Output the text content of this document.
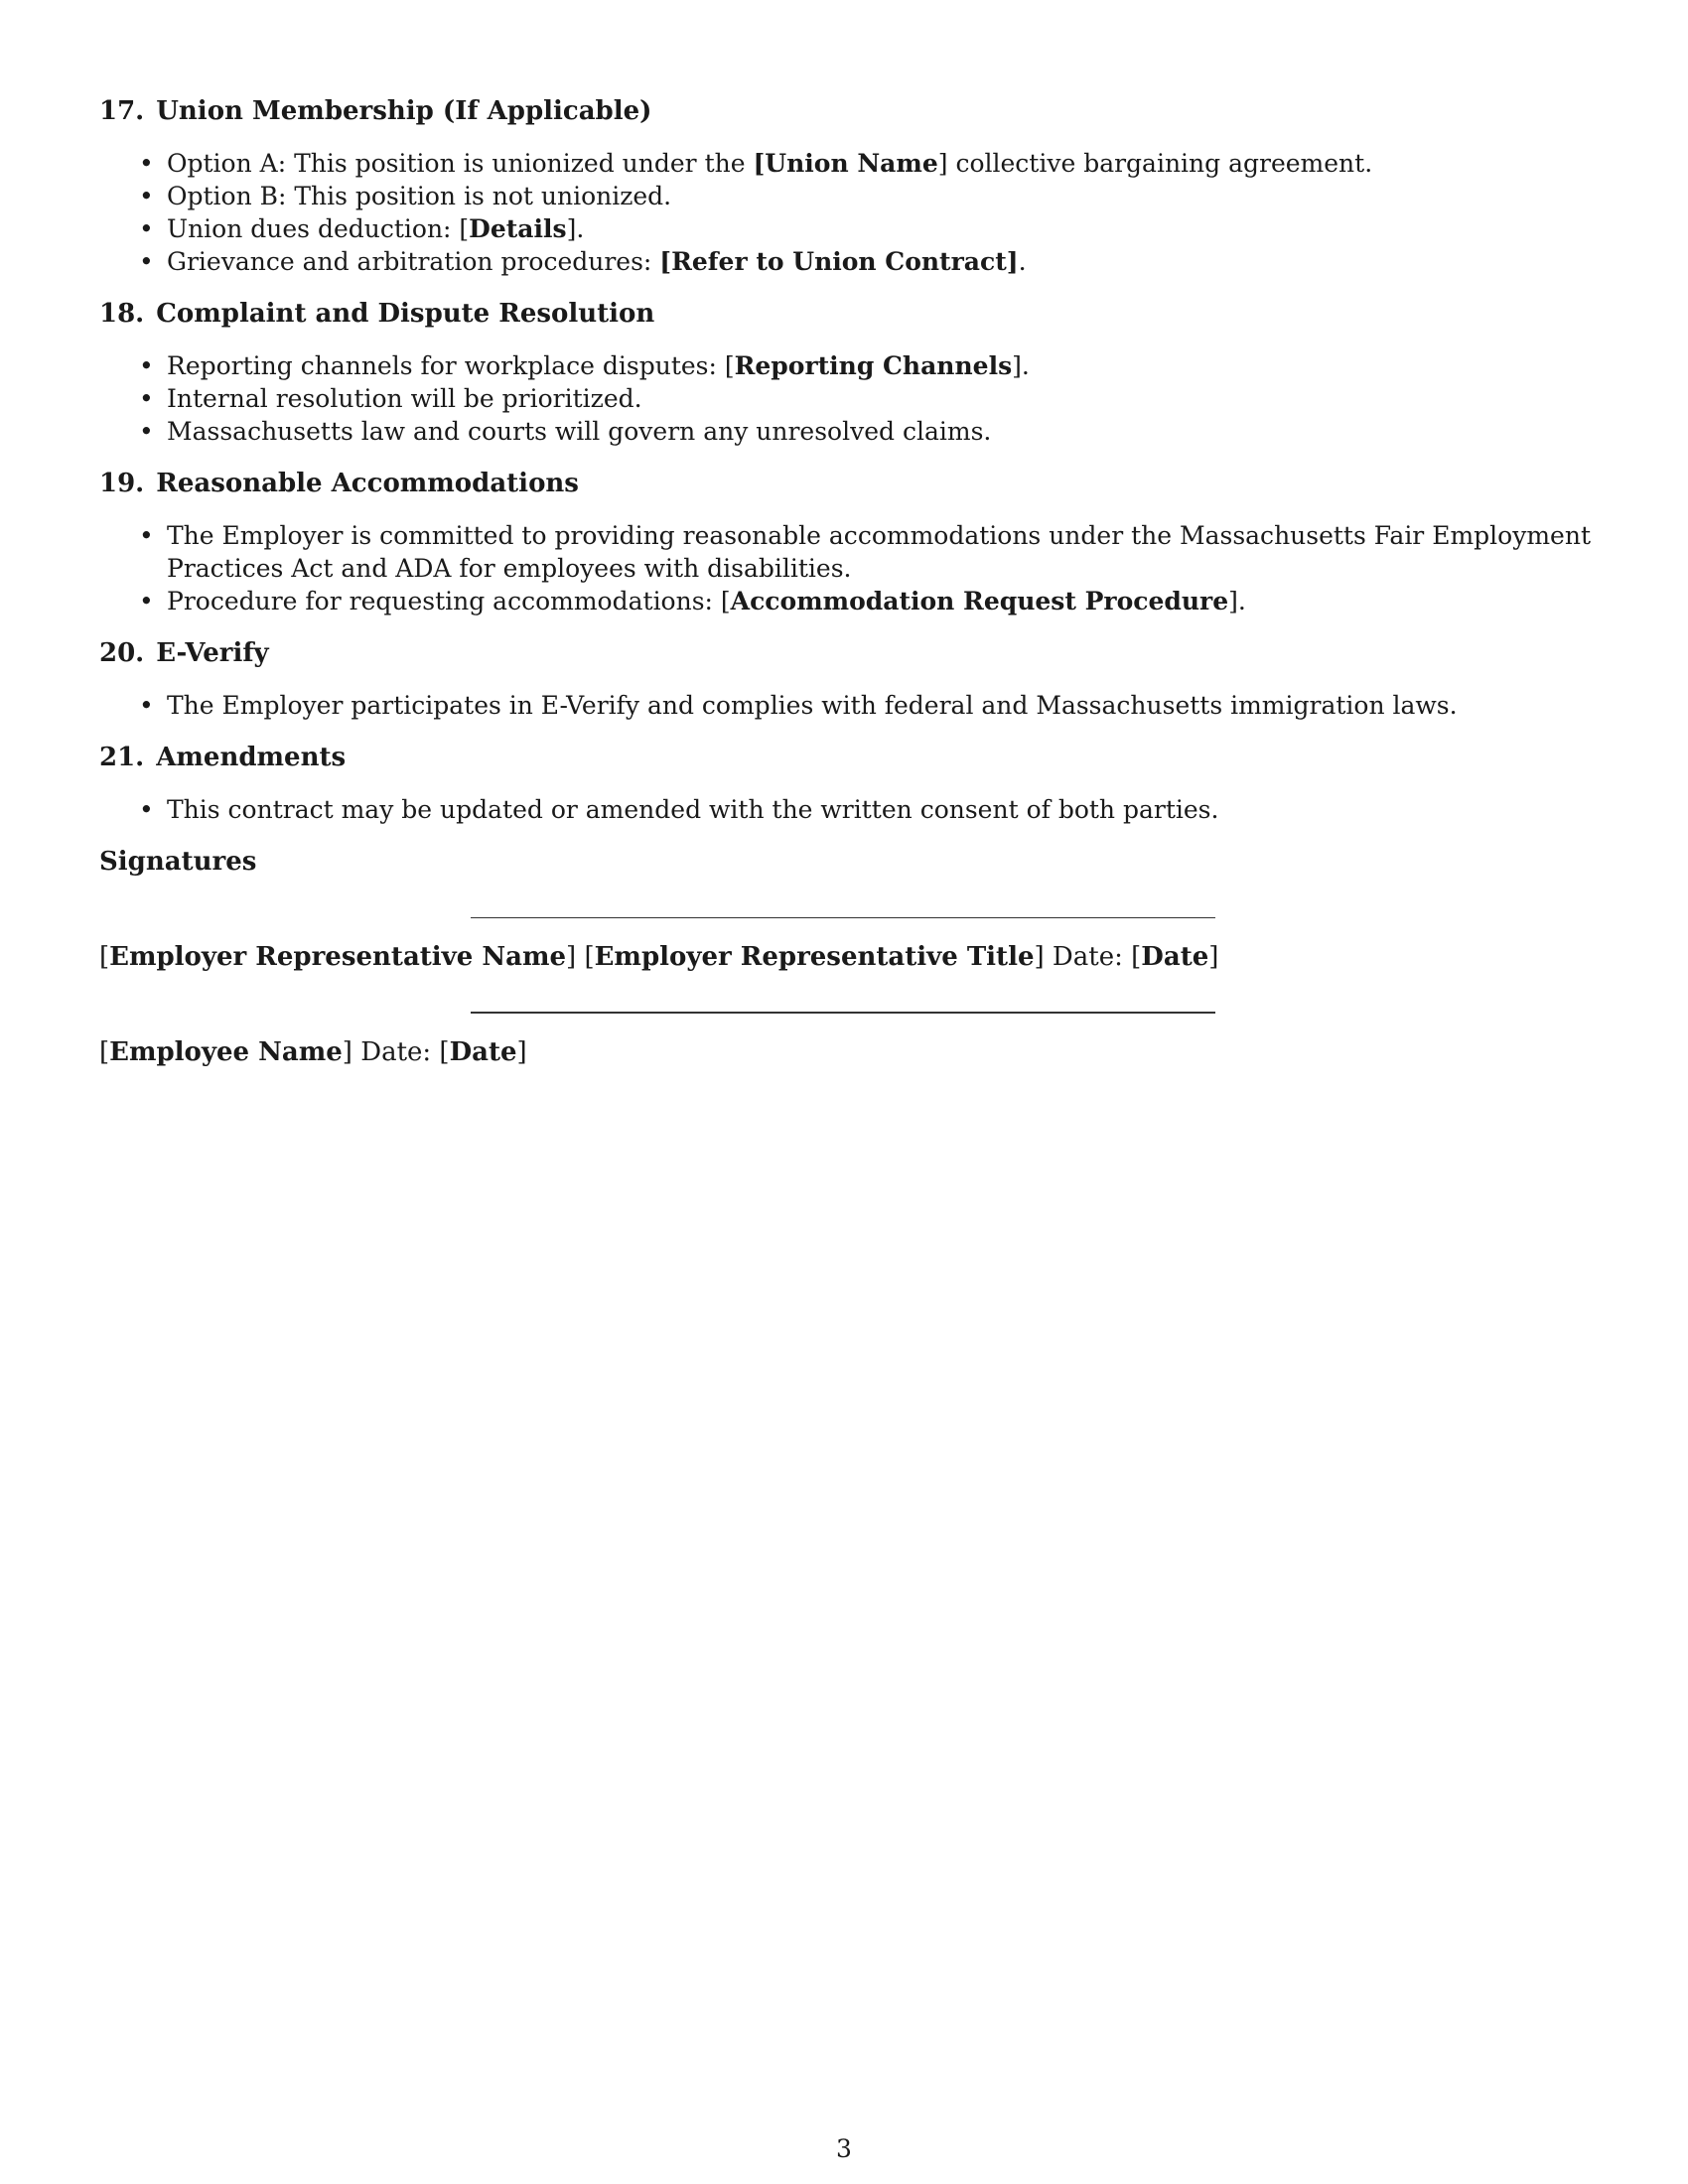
17. Union Membership (If Applicable)
• Option A: This position is unionized under the [Union Name] collective bargaining agreement.
• Option B: This position is not unionized.
• Union dues deduction: [Details].
• Grievance and arbitration procedures: [Refer to Union Contract].
18. Complaint and Dispute Resolution
• Reporting channels for workplace disputes: [Reporting Channels].
• Internal resolution will be prioritized.
• Massachusetts law and courts will govern any unresolved claims.
19. Reasonable Accommodations
• The Employer is committed to providing reasonable accommodations under the Massachusetts Fair Employment Practices Act and ADA for employees with disabilities.
• Procedure for requesting accommodations: [Accommodation Request Procedure].
20. E-Verify
• The Employer participates in E-Verify and complies with federal and Massachusetts immigration laws.
21. Amendments
• This contract may be updated or amended with the written consent of both parties.
Signatures
[Employer Representative Name] [Employer Representative Title] Date: [Date]
[Employee Name] Date: [Date]
3
